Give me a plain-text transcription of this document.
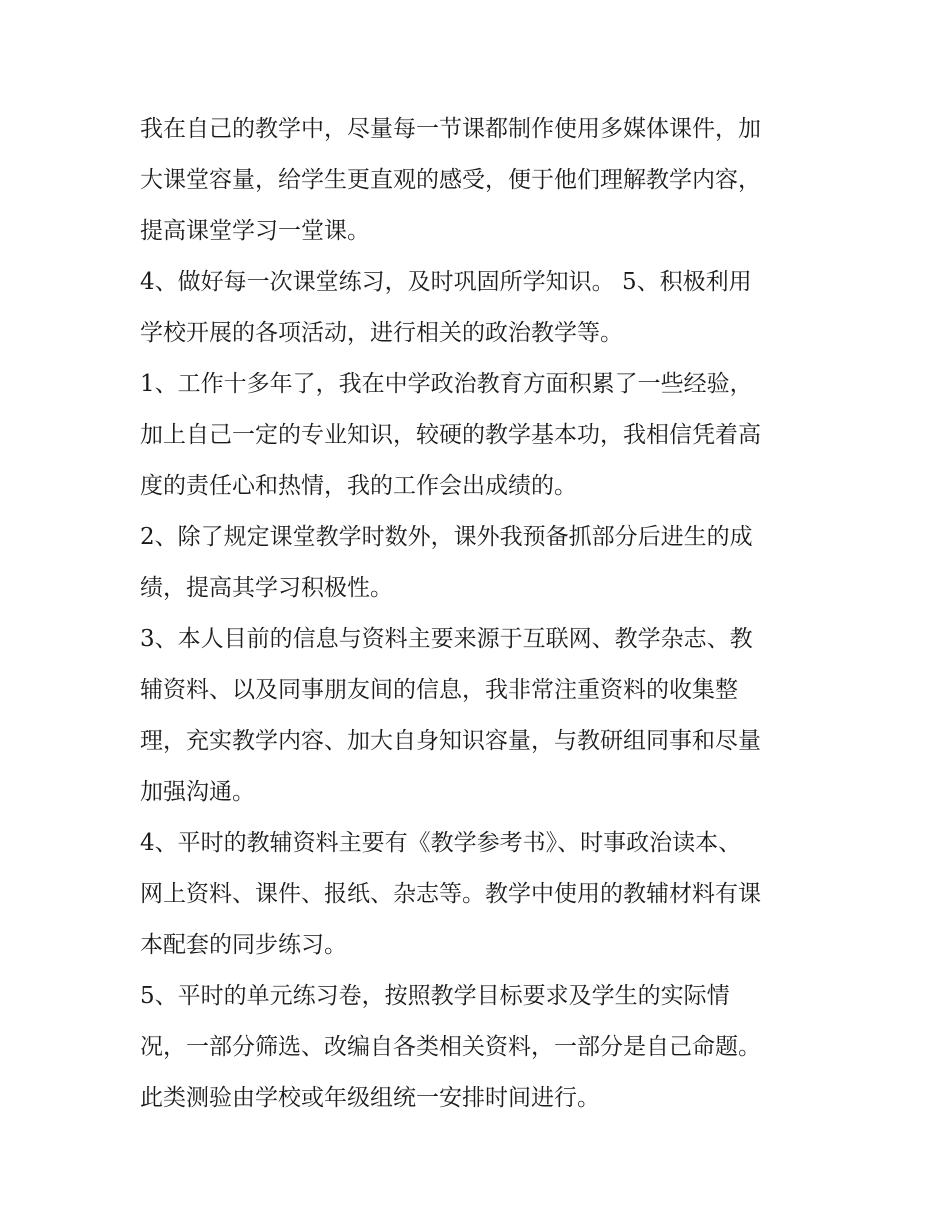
我在自己的教学中，尽量每一节课都制作使用多媒体课件，加

大课堂容量，给学生更直观的感受，便于他们理解教学内容，

提高课堂学习一堂课。

4、做好每一次课堂练习，及时巩固所学知识。 5、积极利用

学校开展的各项活动，进行相关的政治教学等。

1、工作十多年了，我在中学政治教育方面积累了一些经验，

加上自己一定的专业知识，较硬的教学基本功，我相信凭着高

度的责任心和热情，我的工作会出成绩的。

2、除了规定课堂教学时数外，课外我预备抓部分后进生的成

绩，提高其学习积极性。

3、本人目前的信息与资料主要来源于互联网、教学杂志、教

辅资料、以及同事朋友间的信息，我非常注重资料的收集整

理，充实教学内容、加大自身知识容量，与教研组同事和尽量

加强沟通。

4、平时的教辅资料主要有《教学参考书》、时事政治读本、

网上资料、课件、报纸、杂志等。教学中使用的教辅材料有课

本配套的同步练习。

5、平时的单元练习卷，按照教学目标要求及学生的实际情

况，一部分筛选、改编自各类相关资料，一部分是自己命题。

此类测验由学校或年级组统一安排时间进行。
